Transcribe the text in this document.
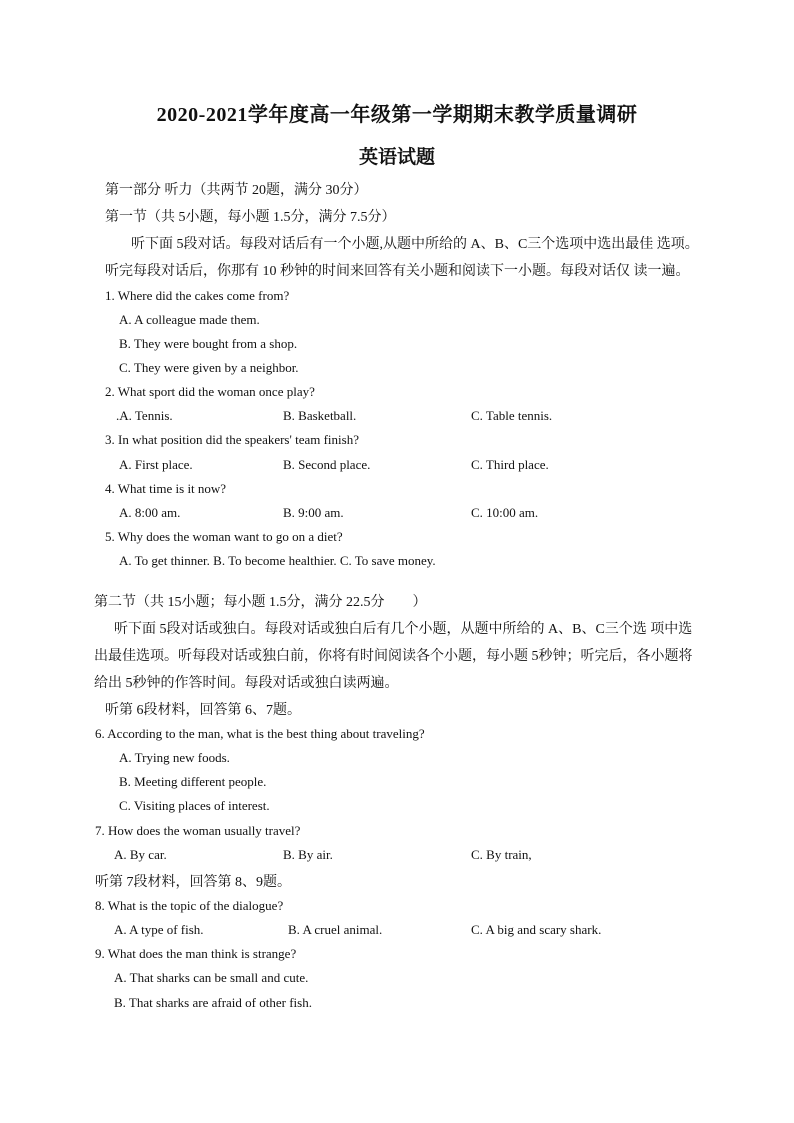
2020-2021学年度高一年级第一学期期末教学质量调研
英语试题
第一部分 听力（共两节 20题，满分 30分）
第一节（共 5小题，每小题 1.5分，满分 7.5分）
听下面 5段对话。每段对话后有一个小题,从题中所给的 A、B、C三个选项中选出最佳 选项。
听完每段对话后，你那有 10 秒钟的时间来回答有关小题和阅读下一小题。每段对话仅 读一遍。
1. Where did the cakes come from?
A. A colleague made them.
B. They were bought from a shop.
C. They were given by a neighbor.
2. What sport did the woman once play?
.A. Tennis.	B. Basketball.	C. Table tennis.
3. In what position did the speakers' team finish?
A. First place.	B. Second place.	C. Third place.
4. What time is it now?
A. 8:00 am.	B. 9:00 am.	C. 10:00 am.
5. Why does the woman want to go on a diet?
A. To get thinner. B. To become healthier. C. To save money.
第二节（共 15小题；每小题 1.5分，满分 22.5分　　）
听下面 5段对话或独白。每段对话或独白后有几个小题，从题中所给的 A、B、C三个选 项中选
出最佳选项。听每段对话或独白前，你将有时间阅读各个小题，每小题 5秒钟；听完后，各小题将
给出 5秒钟的作答时间。每段对话或独白读两遍。
听第 6段材料，回答第 6、7题。
6. According to the man, what is the best thing about traveling?
A. Trying new foods.
B. Meeting different people.
C. Visiting places of interest.
7. How does the woman usually travel?
A. By car.	B. By air.	C. By train,
听第 7段材料，回答第 8、9题。
8. What is the topic of the dialogue?
A. A type of fish.	B. A cruel animal.	C. A big and scary shark.
9. What does the man think is strange?
A. That sharks can be small and cute.
B. That sharks are afraid of other fish.
